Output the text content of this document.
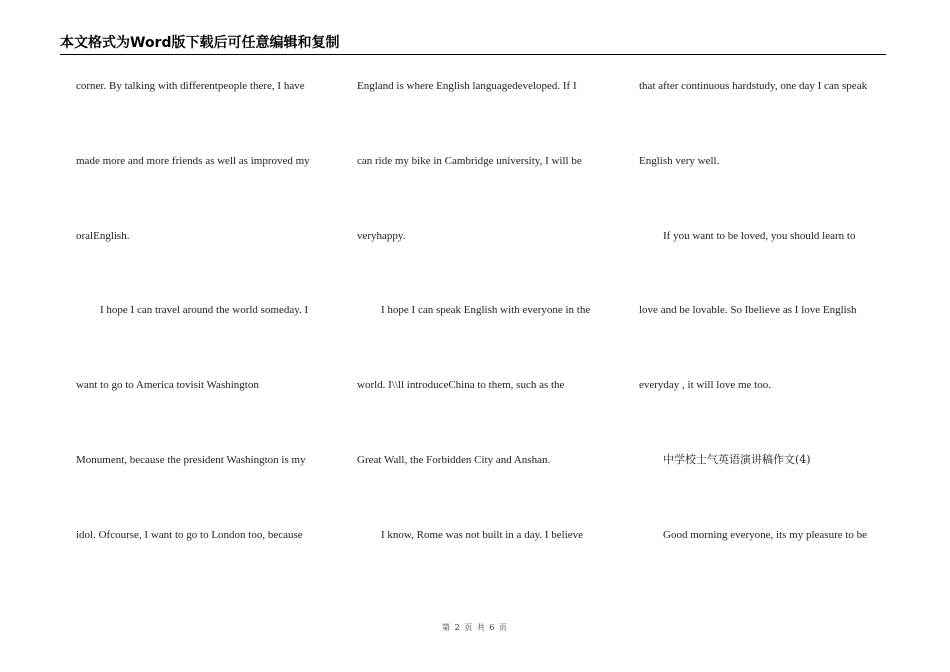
本文格式为Word版下载后可任意编辑和复制
corner. By talking with differentpeople there, I have
made more and more friends as well as improved my
oralEnglish.
I hope I can travel around the world someday. I
want to go to America tovisit Washington
Monument, because the president Washington is my
idol. Ofcourse, I want to go to London too, because
England is where English languagedeveloped. If I
can ride my bike in Cambridge university, I will be
veryhappy.
I hope I can speak English with everyone in the
world. I\\ll introduceChina to them, such as the
Great Wall, the Forbidden City and Anshan.
I know, Rome was not built in a day. I believe
that after continuous hardstudy, one day I can speak
English very well.
If you want to be loved, you should learn to
love and be lovable. So Ibelieve as I love English
everyday , it will love me too.
中学校士气英语演讲稿作文(4)
Good morning everyone, its my pleasure to be
第 2 页 共 6 页
